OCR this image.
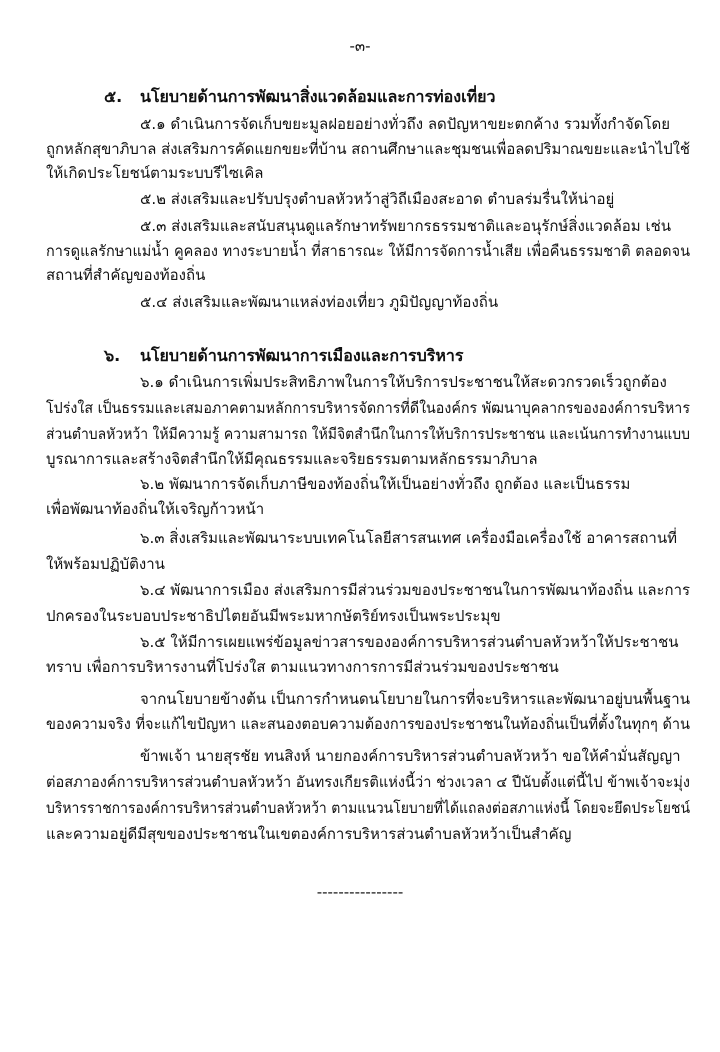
-๓-
๕.	นโยบายด้านการพัฒนาสิ่งแวดล้อมและการท่องเที่ยว
๕.๑ ดำเนินการจัดเก็บขยะมูลฝอยอย่างทั่วถึง ลดปัญหาขยะตกค้าง รวมทั้งกำจัดโดย
ถูกหลักสุขาภิบาล ส่งเสริมการคัดแยกขยะที่บ้าน สถานศึกษาและชุมชนเพื่อลดปริมาณขยะและนำไปใช้
ให้เกิดประโยชน์ตามระบบรีไซเคิล
๕.๒ ส่งเสริมและปรับปรุงตำบลหัวหว้าสู่วิถีเมืองสะอาด ตำบลร่มรื่นให้น่าอยู่
๕.๓ ส่งเสริมและสนับสนุนดูแลรักษาทรัพยากรธรรมชาติและอนุรักษ์สิ่งแวดล้อม เช่น
การดูแลรักษาแม่น้ำ คูคลอง ทางระบายน้ำ ที่สาธารณะ ให้มีการจัดการน้ำเสีย เพื่อคืนธรรมชาติ ตลอดจน
สถานที่สำคัญของท้องถิ่น
๕.๔ ส่งเสริมและพัฒนาแหล่งท่องเที่ยว ภูมิปัญญาท้องถิ่น
๖.	นโยบายด้านการพัฒนาการเมืองและการบริหาร
๖.๑ ดำเนินการเพิ่มประสิทธิภาพในการให้บริการประชาชนให้สะดวกรวดเร็วถูกต้อง
โปร่งใส เป็นธรรมและเสมอภาคตามหลักการบริหารจัดการที่ดีในองค์กร พัฒนาบุคลากรขององค์การบริหาร
ส่วนตำบลหัวหว้า ให้มีความรู้ ความสามารถ ให้มีจิตสำนึกในการให้บริการประชาชน และเน้นการทำงานแบบ
บูรณาการและสร้างจิตสำนึกให้มีคุณธรรมและจริยธรรมตามหลักธรรมาภิบาล
๖.๒ พัฒนาการจัดเก็บภาษีของท้องถิ่นให้เป็นอย่างทั่วถึง ถูกต้อง และเป็นธรรม
เพื่อพัฒนาท้องถิ่นให้เจริญก้าวหน้า
๖.๓ สิ่งเสริมและพัฒนาระบบเทคโนโลยีสารสนเทศ เครื่องมือเครื่องใช้ อาคารสถานที่
ให้พร้อมปฏิบัติงาน
๖.๔ พัฒนาการเมือง ส่งเสริมการมีส่วนร่วมของประชาชนในการพัฒนาท้องถิ่น และการ
ปกครองในระบอบประชาธิปไตยอันมีพระมหากษัตริย์ทรงเป็นพระประมุข
๖.๕ ให้มีการเผยแพร่ข้อมูลข่าวสารขององค์การบริหารส่วนตำบลหัวหว้าให้ประชาชน
ทราบ เพื่อการบริหารงานที่โปร่งใส ตามแนวทางการการมีส่วนร่วมของประชาชน
จากนโยบายข้างต้น เป็นการกำหนดนโยบายในการที่จะบริหารและพัฒนาอยู่บนพื้นฐาน
ของความจริง ที่จะแก้ไขปัญหา และสนองตอบความต้องการของประชาชนในท้องถิ่นเป็นที่ตั้งในทุกๆ ด้าน
ข้าพเจ้า นายสุรชัย ทนสิงห์ นายกองค์การบริหารส่วนตำบลหัวหว้า ขอให้คำมั่นสัญญา
ต่อสภาองค์การบริหารส่วนตำบลหัวหว้า อันทรงเกียรติแห่งนี้ว่า ช่วงเวลา ๔ ปีนับตั้งแต่นี้ไป ข้าพเจ้าจะมุ่ง
บริหารราชการองค์การบริหารส่วนตำบลหัวหว้า ตามแนวนโยบายที่ได้แถลงต่อสภาแห่งนี้ โดยจะยึดประโยชน์
และความอยู่ดีมีสุขของประชาชนในเขตองค์การบริหารส่วนตำบลหัวหว้าเป็นสำคัญ
----------------
